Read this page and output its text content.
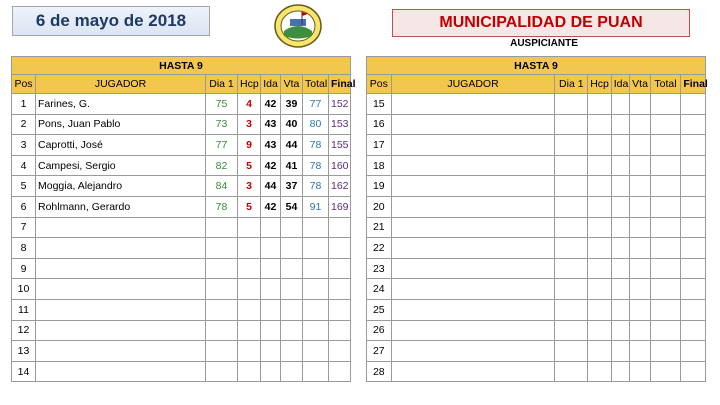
6 de mayo de 2018	MUNICIPALIDAD DE PUAN
AUSPICIANTE
HASTA 9							
Pos	JUGADOR	Dia 1	Hcp	Ida	Vta	Total	Final
1	Farines, G.	75	4	42	39	77	152
2	Pons, Juan Pablo	73	3	43	40	80	153
3	Caprotti, José	77	9	43	44	78	155
4	Campesi, Sergio	82	5	42	41	78	160
5	Moggia, Alejandro	84	3	44	37	78	162
6	Rohlmann, Gerardo	78	5	42	54	91	169
7							
8							
9							
10							
11							
12							
13							
14							
HASTA 9							
Pos	JUGADOR	Dia 1	Hcp	Ida	Vta	Total	Final
15							
16							
17							
18							
19							
20							
21							
22							
23							
24							
25							
26							
27							
28							
